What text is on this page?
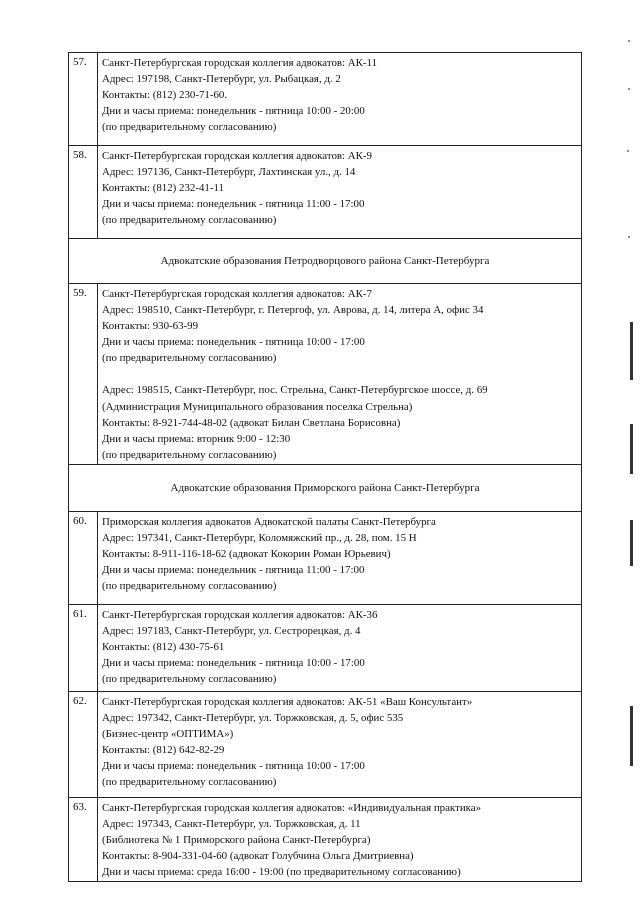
57.	Санкт-Петербургская городская коллегия адвокатов: АК-11
Адрес: 197198, Санкт-Петербург, ул. Рыбацкая, д. 2
Контакты: (812) 230-71-60.
Дни и часы приема: понедельник - пятница 10:00 - 20:00
(по предварительному согласованию)
58.	Санкт-Петербургская городская коллегия адвокатов: АК-9
Адрес: 197136, Санкт-Петербург, Лахтинская ул., д. 14
Контакты: (812) 232-41-11
Дни и часы приема: понедельник - пятница 11:00 - 17:00
(по предварительному согласованию)
Адвокатские образования Петродворцового района Санкт-Петербурга
59.	Санкт-Петербургская городская коллегия адвокатов: АК-7
Адрес: 198510, Санкт-Петербург, г. Петергоф, ул. Аврова, д. 14, литера А, офис 34
Контакты: 930-63-99
Дни и часы приема: понедельник - пятница 10:00 - 17:00
(по предварительному согласованию)
Адрес: 198515, Санкт-Петербург, пос. Стрельна, Санкт-Петербургское шоссе, д. 69
(Администрация Муниципального образования поселка Стрельна)
Контакты: 8-921-744-48-02 (адвокат Билан Светлана Борисовна)
Дни и часы приема: вторник 9:00 - 12:30
(по предварительному согласованию)
Адвокатские образования Приморского района Санкт-Петербурга
60.	Приморская коллегия адвокатов Адвокатской палаты Санкт-Петербурга
Адрес: 197341, Санкт-Петербург, Коломяжский пр., д. 28, пом. 15 Н
Контакты: 8-911-116-18-62 (адвокат Кокорин Роман Юрьевич)
Дни и часы приема: понедельник - пятница 11:00 - 17:00
(по предварительному согласованию)
61.	Санкт-Петербургская городская коллегия адвокатов: АК-36
Адрес: 197183, Санкт-Петербург, ул. Сестрорецкая, д. 4
Контакты: (812) 430-75-61
Дни и часы приема: понедельник - пятница 10:00 - 17:00
(по предварительному согласованию)
62.	Санкт-Петербургская городская коллегия адвокатов: АК-51 «Ваш Консультант»
Адрес: 197342, Санкт-Петербург, ул. Торжковская, д. 5, офис 535
(Бизнес-центр «ОПТИМА»)
Контакты: (812) 642-82-29
Дни и часы приема: понедельник - пятница 10:00 - 17:00
(по предварительному согласованию)
63.	Санкт-Петербургская городская коллегия адвокатов: «Индивидуальная практика»
Адрес: 197343, Санкт-Петербург, ул. Торжковская, д. 11
(Библиотека № 1 Приморского района Санкт-Петербурга)
Контакты: 8-904-331-04-60 (адвокат Голубчина Ольга Дмитриевна)
Дни и часы приема: среда 16:00 - 19:00 (по предварительному согласованию)
